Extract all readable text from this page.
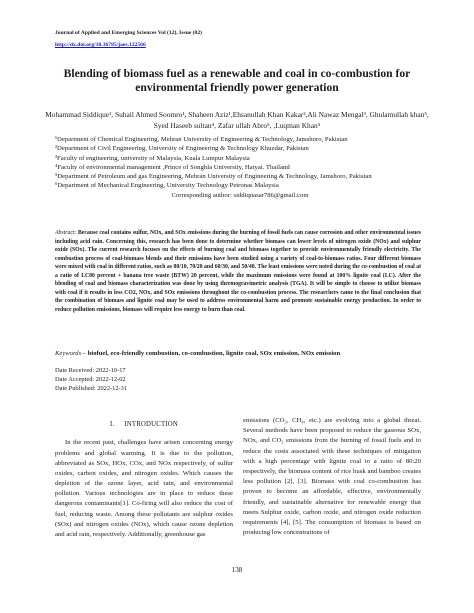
Journal of Applied and Emerging Sciences Vol (12), Issue (02)
http://dx.doi.org/10.36785/jaes.122566
Blending of biomass fuel as a renewable and coal in co-combustion for environmental friendly power generation
Mohammad Siddique¹, Suhail Ahmed Soomro¹, Shaheen Aziz¹,Ehsanullah Khan Kakar²,Ali Nawaz Mengal³, Ghulamullah khan⁵, Syed Haseeb sultan⁴, Zafar ullah Abro⁵, ,Luqman Khan⁵
¹Department of Chemical Engineering, Mehran University of Engineering & Technology, Jamshoro, Pakistan
²Department of Civil Engineering, University of Engineering & Technology Khuzdar, Pakistan
³Faculty of engineering, university of Malaysia, Kuala Lumpur Malaysia
⁴Faculty of environmental management ,Prince of Songhla University, Hatyai. Thailand
⁵Department of Petroleum and gas Engineering, Mehran University of Engineering & Technology, Jamshoro, Pakistan
⁶Department of Mechanical Engineering, University Technology Petronas Malaysia
Corresponding author: siddiqnasar786@gmail.com
Abstract: Because coal contains sulfur, NOx, and SOx emissions during the burning of fossil fuels can cause corrosion and other environmental issues including acid rain. Concerning this, research has been done to determine whether biomass can lower levels of nitrogen oxide (NOx) and sulphur oxide (SOx). The current research focuses on the effects of burning coal and biomass together to provide environmentally friendly electricity. The combustion process of coal-biomass blends and their emissions have been studied using a variety of coal-to-biomass ratios. Four different biomass were mixed with coal in different ratios, such as 80/10, 70/20 and 60/30, and 50/40. The least emissions were noted during the co-combustion of coal at a ratio of LC80 percent + banana tree waste (BTW) 20 percent, while the maximum emissions were found at 100% lignite coal (LC). After the blending of coal and biomass characterization was done by using thermogravimetric analysis (TGA). It will be simple to choose to utilize biomass with coal if it results in less CO2, NOx, and SOx emissions throughout the co-combustion process. The researchers came to the final conclusion that the combination of biomass and lignite coal may be used to address environmental harm and promote sustainable energy production. In order to reduce pollution emissions, biomass will require less energy to burn than coal.
Keywords – biofuel, eco-friendly combustion, co-combustion, lignite coal, SOx emission, NOx emission
Date Received: 2022-10-17
Date Accepted: 2022-12-02
Date Published: 2022-12-31
I. INTRODUCTION

In the recent past, challenges have arisen concerning energy problems and global warming. It is due to the pollution, abbreviated as SOx, HOx, COx, and NOx respectively, of sulfur oxides, carbon oxides, and nitrogen oxides. Which causes the depletion of the ozone layer, acid rain, and environmental pollution. Various technologies are in place to reduce these dangerous contaminants[1]. Co-firing will also reduce the cost of fuel, reducing waste. Among these pollutants are sulphur oxides (SOx) and nitrogen oxides (NOx), which cause ozone depletion and acid rain, respectively. Additionally, greenhouse gas

emissions (CO₂, CH₄, etc.) are evolving into a global threat. Several methods have been proposed to reduce the gaseous SOx, NOx, and CO₂ emissions from the burning of fossil fuels and to reduce the costs associated with these techniques of mitigation with a high percentage with lignite coal to a ratio of 80:20 respectively, the biomass content of rice husk and bamboo creates less pollution [2], [3]. Biomass with coal co-combustion has proven to become an affordable, effective, environmentally friendly, and sustainable alternative for renewable energy that meets Sulphur oxide, carbon oxide, and nitrogen oxide reduction requirements [4], [5]. The consumption of biomass is based on producing low concentrations of

138
